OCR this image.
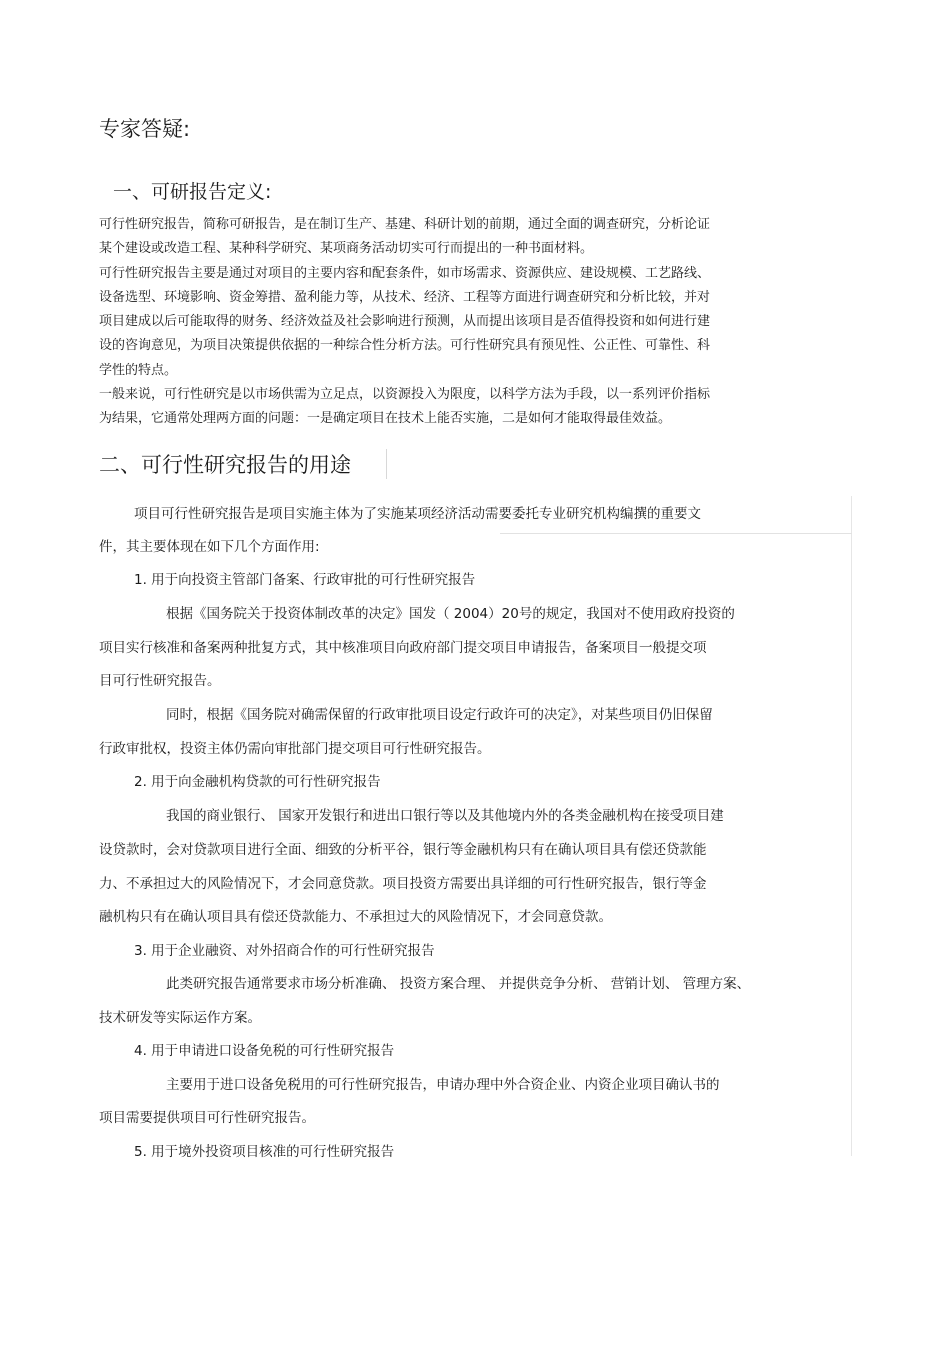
专家答疑:
一、可研报告定义:
可行性研究报告，简称可研报告，是在制订生产、基建、科研计划的前期，通过全面的调查研究，分析论证
某个建设或改造工程、某种科学研究、某项商务活动切实可行而提出的一种书面材料。
可行性研究报告主要是通过对项目的主要内容和配套条件，如市场需求、资源供应、建设规模、工艺路线、
设备选型、环境影响、资金筹措、盈利能力等，从技术、经济、工程等方面进行调查研究和分析比较，并对
项目建成以后可能取得的财务、经济效益及社会影响进行预测，从而提出该项目是否值得投资和如何进行建
设的咨询意见，为项目决策提供依据的一种综合性分析方法。可行性研究具有预见性、公正性、可靠性、科
学性的特点。
一般来说，可行性研究是以市场供需为立足点，以资源投入为限度，以科学方法为手段，以一系列评价指标
为结果，它通常处理两方面的问题：一是确定项目在技术上能否实施，二是如何才能取得最佳效益。
二、可行性研究报告的用途
项目可行性研究报告是项目实施主体为了实施某项经济活动需要委托专业研究机构编撰的重要文
件，其主要体现在如下几个方面作用:
1. 用于向投资主管部门备案、行政审批的可行性研究报告
根据《国务院关于投资体制改革的决定》国发（ 2004）20号的规定，我国对不使用政府投资的
项目实行核准和备案两种批复方式，其中核准项目向政府部门提交项目申请报告，备案项目一般提交项
目可行性研究报告。
同时，根据《国务院对确需保留的行政审批项目设定行政许可的决定》，对某些项目仍旧保留
行政审批权，投资主体仍需向审批部门提交项目可行性研究报告。
2. 用于向金融机构贷款的可行性研究报告
我国的商业银行、 国家开发银行和进出口银行等以及其他境内外的各类金融机构在接受项目建
设贷款时，会对贷款项目进行全面、细致的分析平谷，银行等金融机构只有在确认项目具有偿还贷款能
力、不承担过大的风险情况下，才会同意贷款。项目投资方需要出具详细的可行性研究报告，银行等金
融机构只有在确认项目具有偿还贷款能力、不承担过大的风险情况下，才会同意贷款。
3. 用于企业融资、对外招商合作的可行性研究报告
此类研究报告通常要求市场分析准确、 投资方案合理、 并提供竞争分析、 营销计划、 管理方案、
技术研发等实际运作方案。
4. 用于申请进口设备免税的可行性研究报告
主要用于进口设备免税用的可行性研究报告，申请办理中外合资企业、内资企业项目确认书的
项目需要提供项目可行性研究报告。
5. 用于境外投资项目核准的可行性研究报告
